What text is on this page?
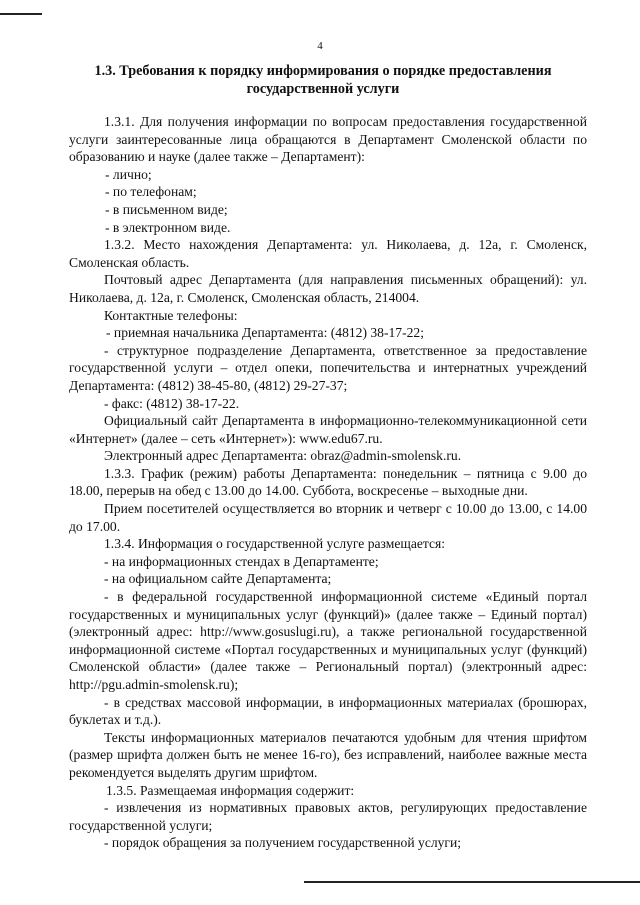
4
1.3. Требования к порядку информирования о порядке предоставления государственной услуги

1.3.1. Для получения информации по вопросам предоставления государственной услуги заинтересованные лица обращаются в Департамент Смоленской области по образованию и науке (далее также – Департамент):

- лично;

- по телефонам;

- в письменном виде;

- в электронном виде.

1.3.2. Место нахождения Департамента: ул. Николаева, д. 12а, г. Смоленск, Смоленская область.

Почтовый адрес Департамента (для направления письменных обращений): ул. Николаева, д. 12а, г. Смоленск, Смоленская область, 214004.

Контактные телефоны:

- приемная начальника Департамента: (4812) 38-17-22;

- структурное подразделение Департамента, ответственное за предоставление государственной услуги – отдел опеки, попечительства и интернатных учреждений Департамента: (4812) 38-45-80, (4812) 29-27-37;

- факс: (4812) 38-17-22.

Официальный сайт Департамента в информационно-телекоммуникационной сети «Интернет» (далее – сеть «Интернет»): www.edu67.ru.

Электронный адрес Департамента: obraz@admin-smolensk.ru.

1.3.3. График (режим) работы Департамента: понедельник – пятница с 9.00 до 18.00, перерыв на обед с 13.00 до 14.00. Суббота, воскресенье – выходные дни.

Прием посетителей осуществляется во вторник и четверг с 10.00 до 13.00, с 14.00 до 17.00.

1.3.4. Информация о государственной услуге размещается:

- на информационных стендах в Департаменте;

- на официальном сайте Департамента;

- в федеральной государственной информационной системе «Единый портал государственных и муниципальных услуг (функций)» (далее также – Единый портал) (электронный адрес: http://www.gosuslugi.ru), а также региональной государственной информационной системе «Портал государственных и муниципальных услуг (функций) Смоленской области» (далее также – Региональный портал) (электронный адрес: http://pgu.admin-smolensk.ru);

- в средствах массовой информации, в информационных материалах (брошюрах, буклетах и т.д.).

Тексты информационных материалов печатаются удобным для чтения шрифтом (размер шрифта должен быть не менее 16-го), без исправлений, наиболее важные места рекомендуется выделять другим шрифтом.

1.3.5. Размещаемая информация содержит:

- извлечения из нормативных правовых актов, регулирующих предоставление государственной услуги;

- порядок обращения за получением государственной услуги;
